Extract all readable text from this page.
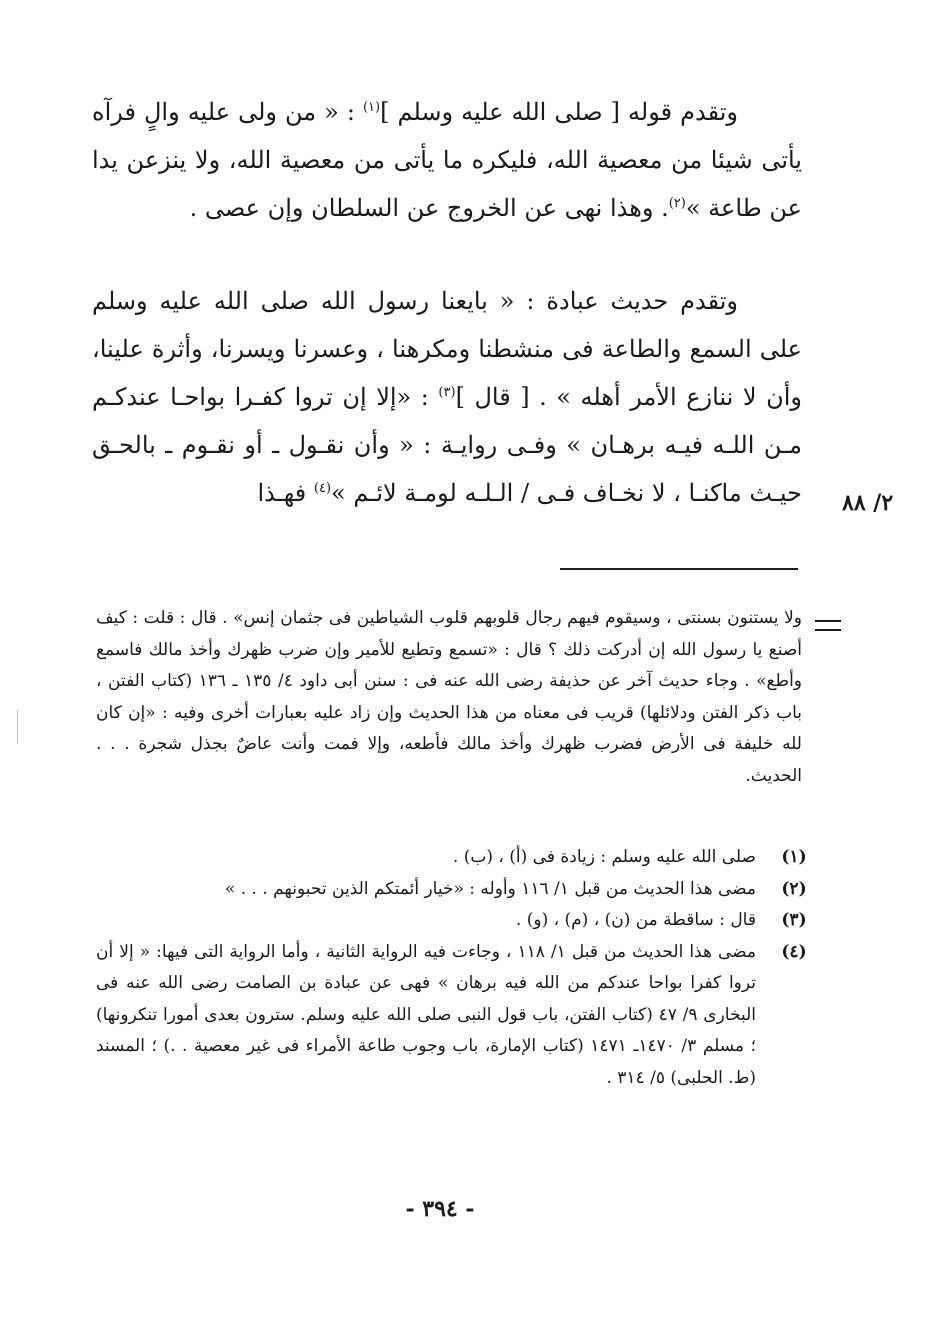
وتقدم قوله [ صلى الله عليه وسلم ]$^{(١)}$ : « من ولى عليه والٍ فرآه يأتى شيئا من معصية الله، فليكره ما يأتى من معصية الله، ولا ينزعن يدا عن طاعة »$^{(٢)}$. وهذا نهى عن الخروج عن السلطان وإن عصى .

وتقدم حديث عبادة : « بايعنا رسول الله صلى الله عليه وسلم على السمع والطاعة فى منشطنا ومكرهنا ، وعسرنا ويسرنا، وأثرة علينا، وأن لا ننازع الأمر أهله » . [ قال ]$^{(٣)}$ : «إلا إن تروا كفـرا بواحـا عندكـم مـن اللـه فيـه برهـان » وفـى روايـة : « وأن نقـول ـ أو نقـوم ـ بالحـق حيـث ماكنـا ، لا نخـاف فـى / الـلـه لومـة لائـم »$^{(٤)}$ فهـذا	٢/ ٨٨
ولا يستنون بسنتى ، وسيقوم فيهم رجال قلوبهم قلوب الشياطين فى جثمان إنس» . قال : قلت : كيف أصنع يا رسول الله إن أدركت ذلك ؟ قال : «تسمع وتطيع للأمير وإن ضرب ظهرك وأخذ مالك فاسمع وأطع» . وجاء حديث آخر عن حذيفة رضى الله عنه فى : سنن أبى داود ٤/ ١٣٥ ـ ١٣٦ (كتاب الفتن ، باب ذكر الفتن ودلائلها) قريب فى معناه من هذا الحديث وإن زاد عليه بعبارات أخرى وفيه : «إن كان لله خليفة فى الأرض فضرب ظهرك وأخذ مالك فأطعه، وإلا فمت وأنت عاضٌ بجذل شجرة . . . الحديث.
(١)
صلى الله عليه وسلم : زيادة فى (أ) ، (ب) .
(٢)
مضى هذا الحديث من قبل ١/ ١١٦ وأوله : «خيار أئمتكم الذين تحبونهم . . . »
(٣)
قال : ساقطة من (ن) ، (م) ، (و) .
(٤)
مضى هذا الحديث من قبل ١/ ١١٨ ، وجاءت فيه الرواية الثانية ، وأما الرواية التى فيها: « إلا أن تروا كفرا بواحا عندكم من الله فيه برهان » فهى عن عبادة بن الصامت رضى الله عنه فى البخارى ٩/ ٤٧ (كتاب الفتن، باب قول النبى صلى الله عليه وسلم. سترون بعدى أمورا تنكرونها) ؛ مسلم ٣/ ١٤٧٠ـ ١٤٧١ (كتاب الإمارة، باب وجوب طاعة الأمراء فى غير معصية . .) ؛ المسند (ط. الحلبى) ٥/ ٣١٤ .
- ٣٩٤ -
